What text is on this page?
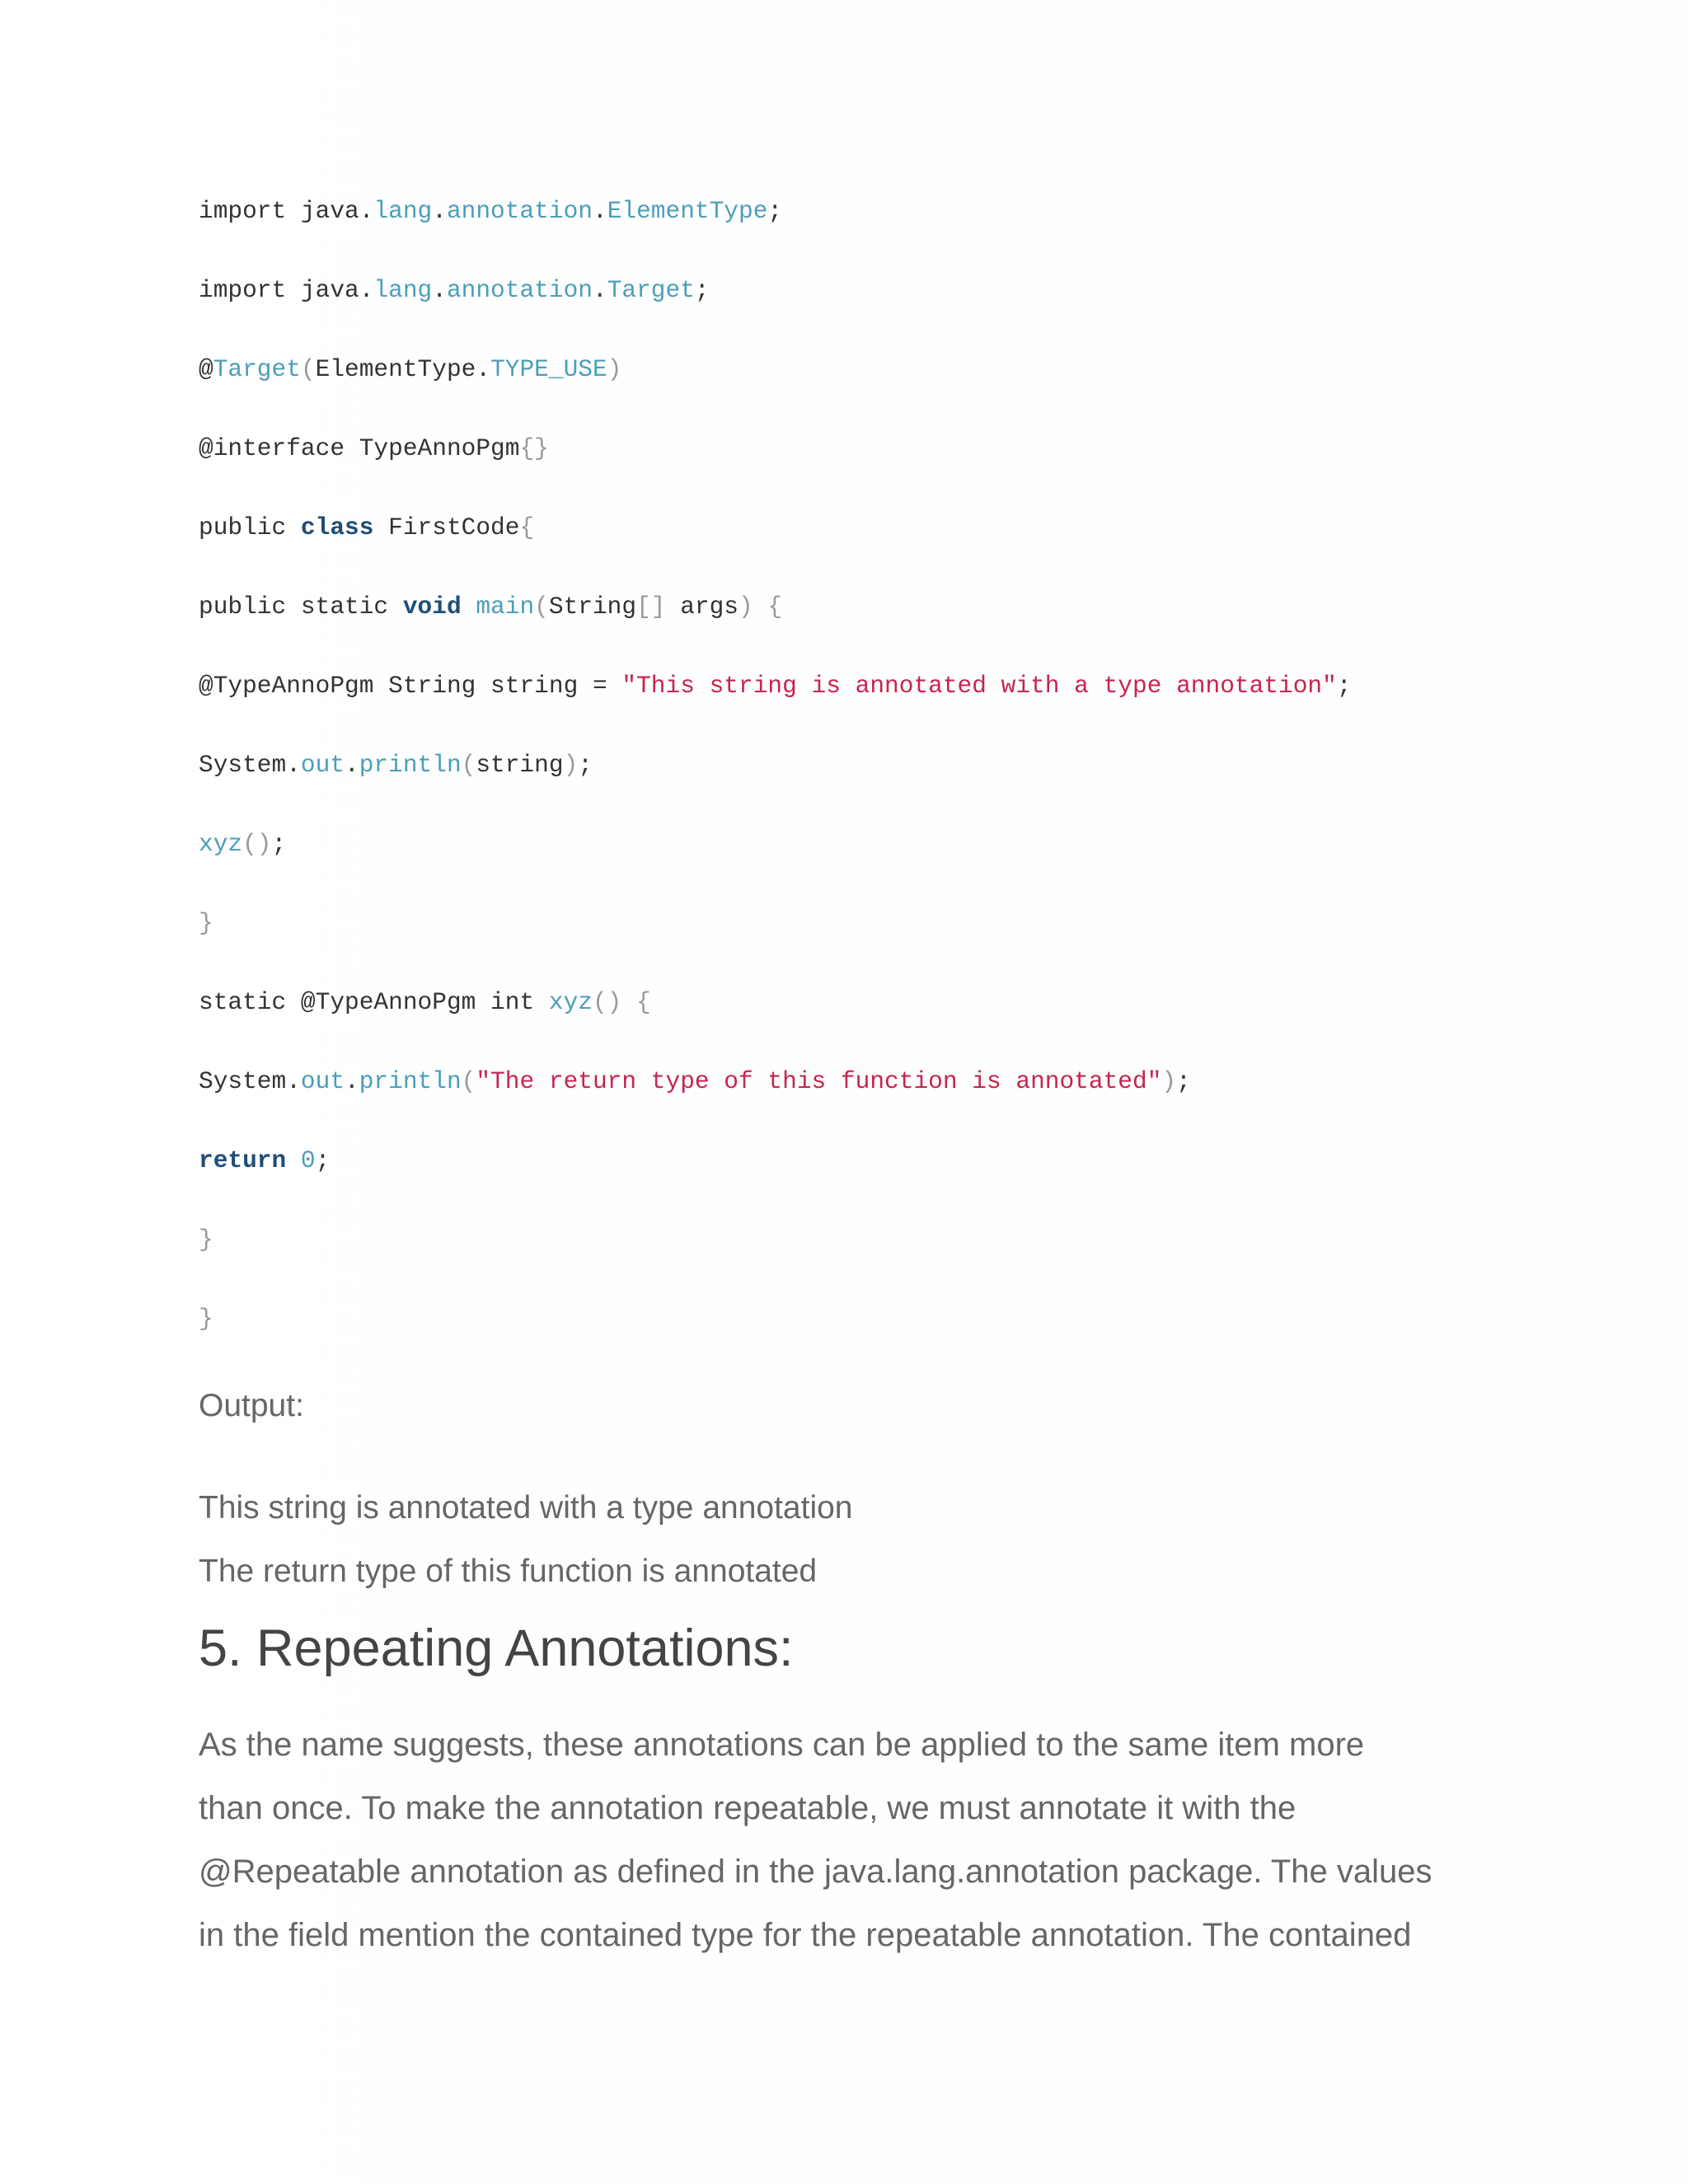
import java.lang.annotation.ElementType;
import java.lang.annotation.Target;
@Target(ElementType.TYPE_USE)
@interface TypeAnnoPgm{}
public class FirstCode{
public static void main(String[] args) {
@TypeAnnoPgm String string = "This string is annotated with a type annotation";
System.out.println(string);
xyz();
}
static @TypeAnnoPgm int xyz() {
System.out.println("The return type of this function is annotated");
return 0;
}
}
Output:
This string is annotated with a type annotation
The return type of this function is annotated
5. Repeating Annotations:
As the name suggests, these annotations can be applied to the same item more
than once. To make the annotation repeatable, we must annotate it with the
@Repeatable annotation as defined in the java.lang.annotation package. The values
in the field mention the contained type for the repeatable annotation. The contained
